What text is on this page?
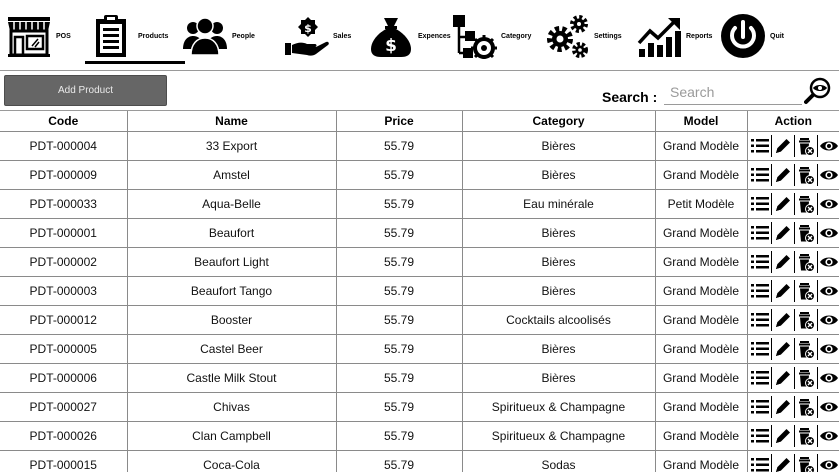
POS	Products	People
$
Sales $	Expences	Category	Settings	Reports	Quit
Add Product	Search :
Search
Code	Name	Price	Category	Model	Action
PDT-000004	33 Export	55.79	Bières	Grand Modèle	

PDT-000009	Amstel	55.79	Bières	Grand Modèle	

PDT-000033	Aqua-Belle	55.79	Eau minérale	Petit Modèle	

PDT-000001	Beaufort	55.79	Bières	Grand Modèle	

PDT-000002	Beaufort Light	55.79	Bières	Grand Modèle	

PDT-000003	Beaufort Tango	55.79	Bières	Grand Modèle	

PDT-000012	Booster	55.79	Cocktails alcoolisés	Grand Modèle	

PDT-000005	Castel Beer	55.79	Bières	Grand Modèle	

PDT-000006	Castle Milk Stout	55.79	Bières	Grand Modèle	

PDT-000027	Chivas	55.79	Spiritueux & Champagne	Grand Modèle	

PDT-000026	Clan Campbell	55.79	Spiritueux & Champagne	Grand Modèle	

PDT-000015	Coca-Cola	55.79	Sodas	Grand Modèle	
